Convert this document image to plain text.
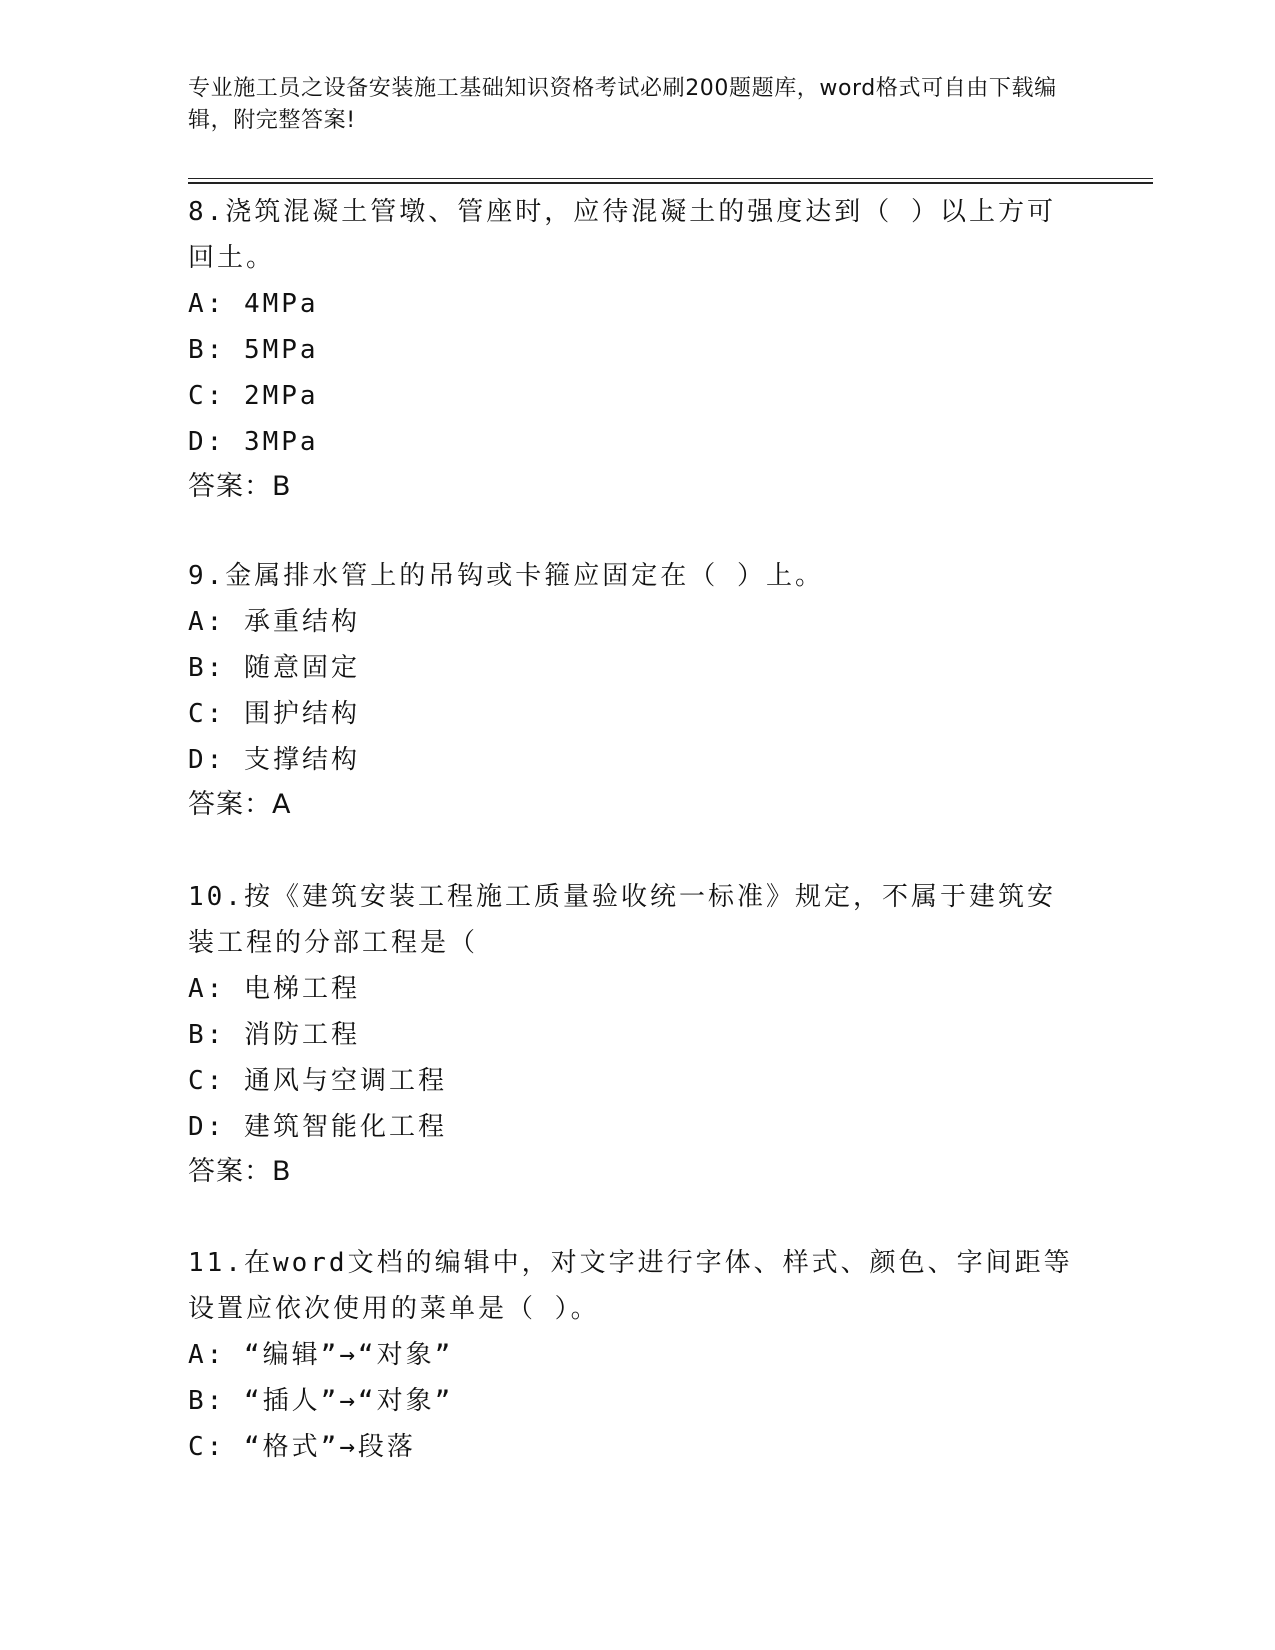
专业施工员之设备安装施工基础知识资格考试必刷200题题库，word格式可自由下载编辑，附完整答案!
8.浇筑混凝土管墩、管座时，应待混凝土的强度达到（ ）以上方可回土。
A: 4MPa
B: 5MPa
C: 2MPa
D: 3MPa
答案：B
9.金属排水管上的吊钩或卡箍应固定在（ ）上。
A: 承重结构
B: 随意固定
C: 围护结构
D: 支撑结构
答案：A
10.按《建筑安装工程施工质量验收统一标准》规定，不属于建筑安装工程的分部工程是（
A: 电梯工程
B: 消防工程
C: 通风与空调工程
D: 建筑智能化工程
答案：B
11.在word文档的编辑中，对文字进行字体、样式、颜色、字间距等设置应依次使用的菜单是（ ）。
A: “编辑”→“对象”
B: “插人”→“对象”
C: “格式”→段落
